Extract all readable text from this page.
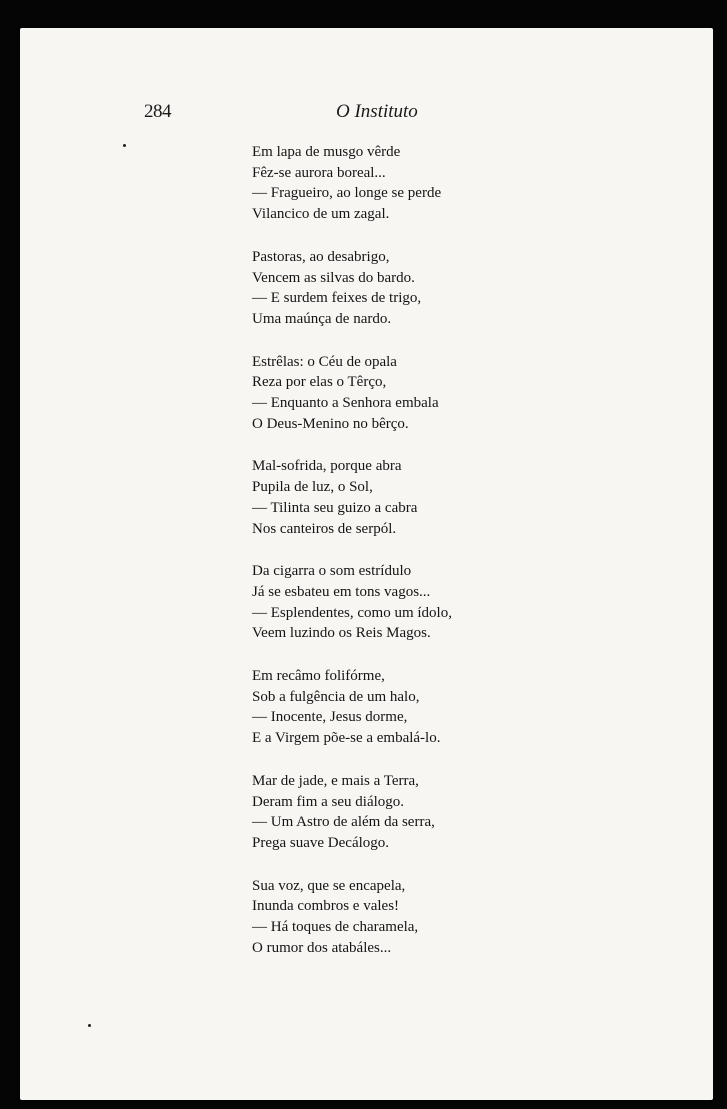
284	O Instituto
Em lapa de musgo vêrde
Fêz-se aurora boreal...
— Fragueiro, ao longe se perde
Vilancico de um zagal.
Pastoras, ao desabrigo,
Vencem as silvas do bardo.
— E surdem feixes de trigo,
Uma maúnça de nardo.
Estrêlas: o Céu de opala
Reza por elas o Têrço,
— Enquanto a Senhora embala
O Deus-Menino no bêrço.
Mal-sofrida, porque abra
Pupila de luz, o Sol,
— Tilinta seu guizo a cabra
Nos canteiros de serpól.
Da cigarra o som estrídulo
Já se esbateu em tons vagos...
— Esplendentes, como um ídolo,
Veem luzindo os Reis Magos.
Em recâmo folifórme,
Sob a fulgência de um halo,
— Inocente, Jesus dorme,
E a Virgem põe-se a embalá-lo.
Mar de jade, e mais a Terra,
Deram fim a seu diálogo.
— Um Astro de além da serra,
Prega suave Decálogo.
Sua voz, que se encapela,
Inunda combros e vales!
— Há toques de charamela,
O rumor dos atabáles...
